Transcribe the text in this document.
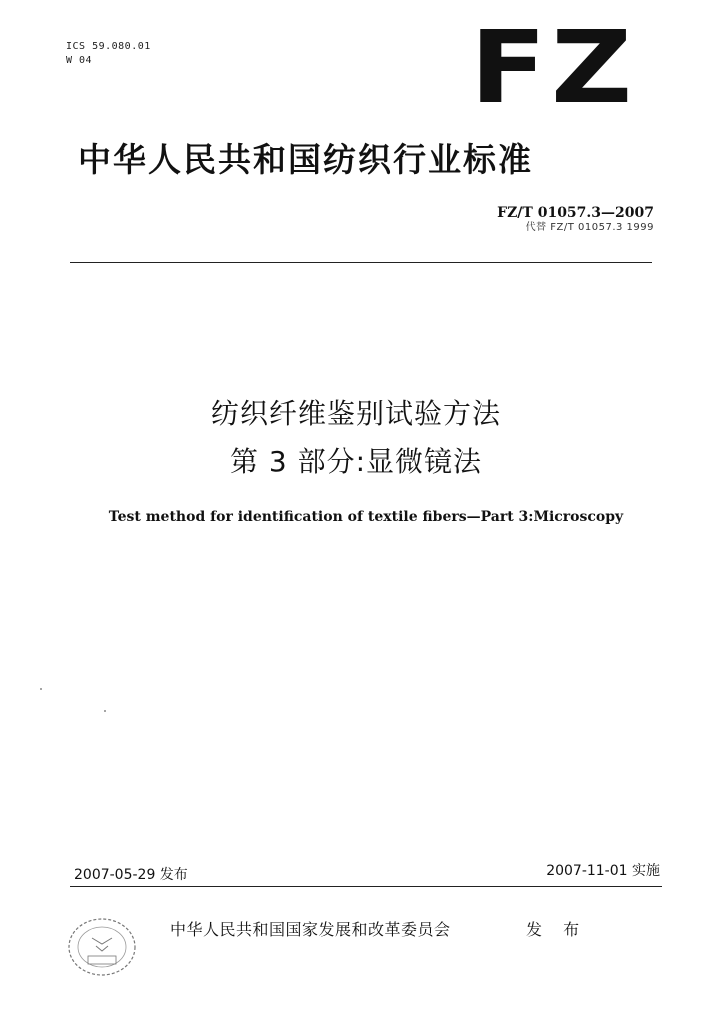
ICS 59.080.01
W 04	FZ
中华人民共和国纺织行业标准
FZ/T 01057.3—2007
代替 FZ/T 01057.3 1999
纺织纤维鉴别试验方法
第 3 部分:显微镜法
Test method for identification of textile fibers—Part 3:Microscopy
2007-05-29 发布	2007-11-01 实施
中华人民共和国国家发展和改革委员会	发 布
